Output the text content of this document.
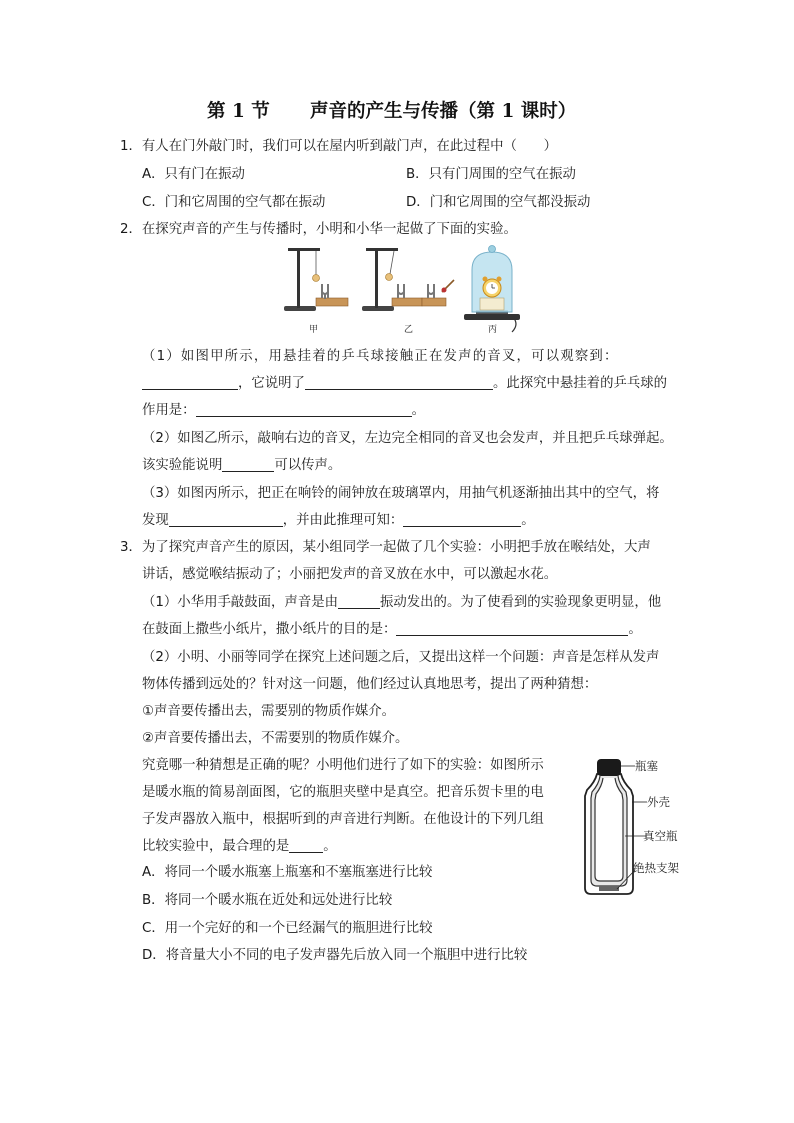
第 1 节 声音的产生与传播（第 1 课时）
1．有人在门外敲门时，我们可以在屋内听到敲门声，在此过程中（　　）
A．只有门在振动	B．只有门周围的空气在振动
C．门和它周围的空气都在振动	D．门和它周围的空气都没振动
2．在探究声音的产生与传播时，小明和小华一起做了下面的实验。
甲	乙	丙
（1）如图甲所示，用悬挂着的乒乓球接触正在发声的音叉，可以观察到：
，它说明了	。此探究中悬挂着的乒乓球的
作用是：	。
（2）如图乙所示，敲响右边的音叉，左边完全相同的音叉也会发声，并且把乒乓球弹起。
该实验能说明	可以传声。
（3）如图丙所示，把正在响铃的闹钟放在玻璃罩内，用抽气机逐渐抽出其中的空气，将
发现	，并由此推理可知：	。
3．为了探究声音产生的原因，某小组同学一起做了几个实验：小明把手放在喉结处，大声
讲话，感觉喉结振动了；小丽把发声的音叉放在水中，可以激起水花。
（1）小华用手敲鼓面，声音是由	振动发出的。为了使看到的实验现象更明显，他
在鼓面上撒些小纸片，撒小纸片的目的是：	。
（2）小明、小丽等同学在探究上述问题之后，又提出这样一个问题：声音是怎样从发声
物体传播到远处的？针对这一问题，他们经过认真地思考，提出了两种猜想：
①声音要传播出去，需要别的物质作媒介。
②声音要传播出去，不需要别的物质作媒介。
究竟哪一种猜想是正确的呢？小明他们进行了如下的实验：如图所示
是暖水瓶的简易剖面图，它的瓶胆夹壁中是真空。把音乐贺卡里的电
子发声器放入瓶中，根据听到的声音进行判断。在他设计的下列几组
比较实验中，最合理的是	。
A．将同一个暖水瓶塞上瓶塞和不塞瓶塞进行比较
B．将同一个暖水瓶在近处和远处进行比较
C．用一个完好的和一个已经漏气的瓶胆进行比较
D．将音量大小不同的电子发声器先后放入同一个瓶胆中进行比较
瓶塞
外壳
真空瓶
绝热支架
